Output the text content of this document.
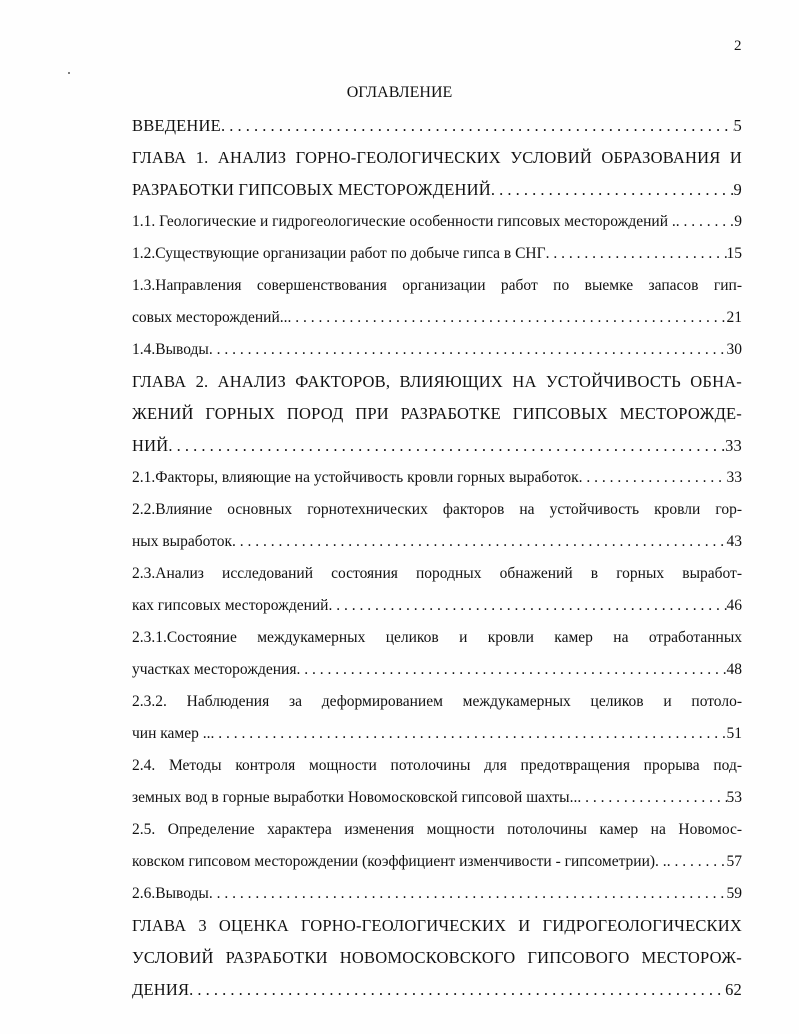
2
ОГЛАВЛЕНИЕ
ВВЕДЕНИЕ . . .	5
ГЛАВА 1. АНАЛИЗ ГОРНО-ГЕОЛОГИЧЕСКИХ УСЛОВИЙ ОБРАЗОВАНИЯ И
РАЗРАБОТКИ ГИПСОВЫХ МЕСТОРОЖДЕНИЙ . . .	9
1.1. Геологические и гидрогеологические особенности гипсовых месторождений . . . .	9
1.2.Существующие организации работ по добыче гипса в СНГ . . .	15
1.3.Направления совершенствования организации работ по выемке запасов гип-
совых месторождений.. . . .	21
1.4.Выводы . . .	30
ГЛАВА 2. АНАЛИЗ ФАКТОРОВ, ВЛИЯЮЩИХ НА УСТОЙЧИВОСТЬ ОБНА-
ЖЕНИЙ ГОРНЫХ ПОРОД ПРИ РАЗРАБОТКЕ ГИПСОВЫХ МЕСТОРОЖДЕ-
НИЙ . . .	33
2.1.Факторы, влияющие на устойчивость кровли горных выработок . . .	33
2.2.Влияние основных горнотехнических факторов на устойчивость кровли гор-
ных выработок . . .	43
2.3.Анализ исследований состояния породных обнажений в горных выработ-
ках гипсовых месторождений . . .	46
2.3.1.Состояние междукамерных целиков и кровли камер на отработанных
участках месторождения . . .	48
2.3.2. Наблюдения за деформированием междукамерных целиков и потоло-
чин камер .. . . .	51
2.4. Методы контроля мощности потолочины для предотвращения прорыва под-
земных вод в горные выработки Новомосковской гипсовой шахты.. . . .	53
2.5. Определение характера изменения мощности потолочины камер на Новомос-
ковском гипсовом месторождении (коэффициент изменчивости - гипсометрии). . . . .	57
2.6.Выводы . . .	59
ГЛАВА 3 ОЦЕНКА ГОРНО-ГЕОЛОГИЧЕСКИХ И ГИДРОГЕОЛОГИЧЕСКИХ
УСЛОВИЙ РАЗРАБОТКИ НОВОМОСКОВСКОГО ГИПСОВОГО МЕСТОРОЖ-
ДЕНИЯ . . .	62
